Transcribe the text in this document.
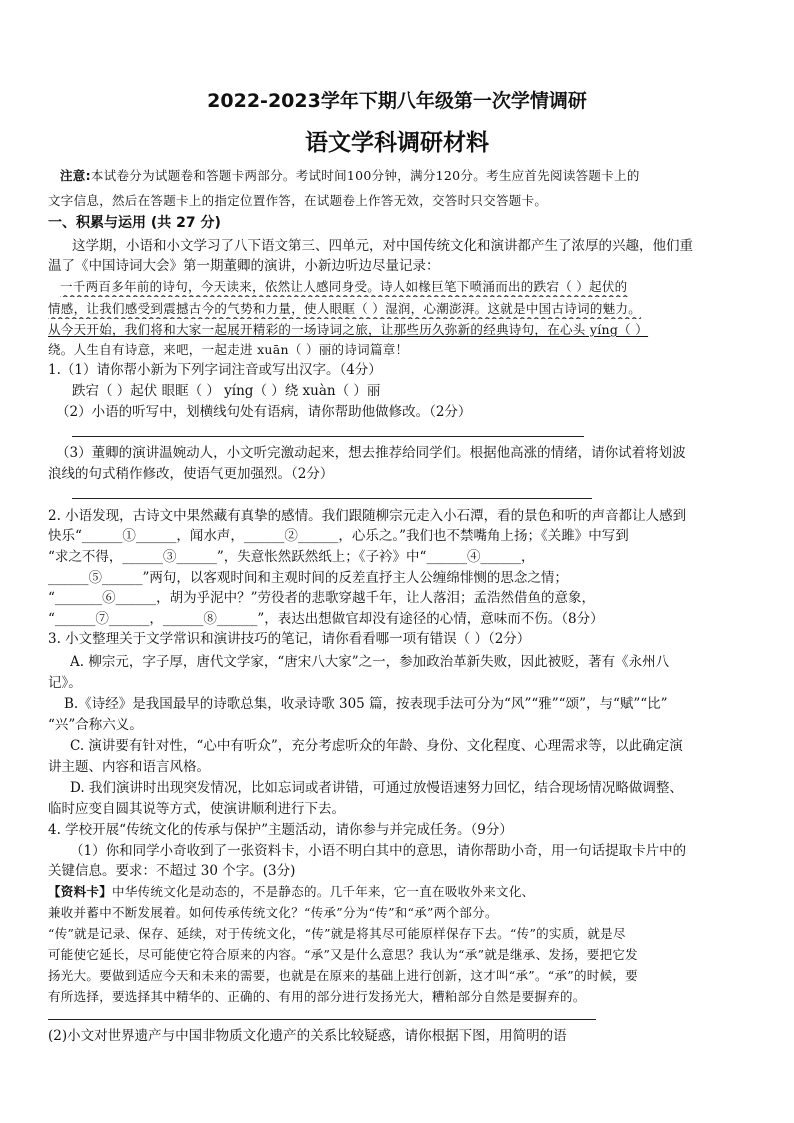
2022-2023学年下期八年级第一次学情调研
语文学科调研材料
注意:本试卷分为试题卷和答题卡两部分。考试时间100分钟，满分120分。考生应首先阅读答题卡上的
文字信息，然后在答题卡上的指定位置作答，在试题卷上作答无效，交答时只交答题卡。
一、积累与运用 (共 27 分)
这学期，小语和小文学习了八下语文第三、四单元，对中国传统文化和演讲都产生了浓厚的兴趣，他们重
温了《中国诗词大会》第一期董卿的演讲，小新边听边尽量记录：
一千两百多年前的诗句，今天读来，依然让人感同身受。诗人如椽巨笔下喷涌而出的跌宕（ ）起伏的
情感，让我们感受到震撼古今的气势和力量，使人眼眶（ ）湿润，心潮澎湃。这就是中国古诗词的魅力。
从今天开始，我们将和大家一起展开精彩的一场诗词之旅，让那些历久弥新的经典诗句，在心头 yíng（ ）
绕。人生自有诗意，来吧，一起走进 xuān（ ）丽的诗词篇章！
1.（1）请你帮小新为下列字词注音或写出汉字。（4分）
跌宕（ ）起伏 眼眶（ ） yíng（ ）绕 xuàn（ ）丽
（2）小语的听写中，划横线句处有语病，请你帮助他做修改。（2分）
（3）董卿的演讲温婉动人，小文听完激动起来，想去推荐给同学们。根据他高涨的情绪，请你试着将划波
浪线的句式稍作修改，使语气更加强烈。（2分）
2. 小语发现，古诗文中果然藏有真挚的感情。我们跟随柳宗元走入小石潭，看的景色和听的声音都让人感到
快乐“______①______，闻水声，______②______，心乐之。”我们也不禁嘴角上扬；《关雎》中写到
“求之不得，______③______”，失意怅然跃然纸上；《子衿》中“______④______，
______⑤______”两句，以客观时间和主观时间的反差直抒主人公缠绵悱恻的思念之情；
“_______⑥______，胡为乎泥中？”劳役者的悲歌穿越千年，让人落泪；孟浩然借鱼的意象，
“______⑦______，______⑧______”，表达出想做官却没有途径的心情，意味而不伤。（8分）
3. 小文整理关于文学常识和演讲技巧的笔记，请你看看哪一项有错误（ ）（2分）
A. 柳宗元，字子厚，唐代文学家，“唐宋八大家”之一，参加政治革新失败，因此被贬，著有《永州八
记》。
B.《诗经》是我国最早的诗歌总集，收录诗歌 305 篇，按表现手法可分为“风”“雅”“颂”，与“赋”“比”
“兴”合称六义。
C. 演讲要有针对性，“心中有听众”，充分考虑听众的年龄、身份、文化程度、心理需求等，以此确定演
讲主题、内容和语言风格。
D. 我们演讲时出现突发情况，比如忘词或者讲错，可通过放慢语速努力回忆，结合现场情况略做调整、
临时应变自圆其说等方式，使演讲顺利进行下去。
4. 学校开展“传统文化的传承与保护”主题活动，请你参与并完成任务。（9分）
（1）你和同学小奇收到了一张资料卡，小语不明白其中的意思，请你帮助小奇，用一句话提取卡片中的
关键信息。要求：不超过 30 个字。(3分)
【资料卡】中华传统文化是动态的，不是静态的。几千年来，它一直在吸收外来文化、
兼收并蓄中不断发展着。如何传承传统文化？“传承”分为“传”和“承”两个部分。
“传”就是记录、保存、延续，对于传统文化，“传”就是将其尽可能原样保存下去。“传”的实质，就是尽
可能使它延长，尽可能使它符合原来的内容。“承”又是什么意思？我认为“承”就是继承、发扬，要把它发
扬光大。要做到适应今天和未来的需要，也就是在原来的基础上进行创新，这才叫“承”。“承”的时候，要
有所选择，要选择其中精华的、正确的、有用的部分进行发扬光大，糟粕部分自然是要摒弃的。
(2)小文对世界遗产与中国非物质文化遗产的关系比较疑惑，请你根据下图，用简明的语
